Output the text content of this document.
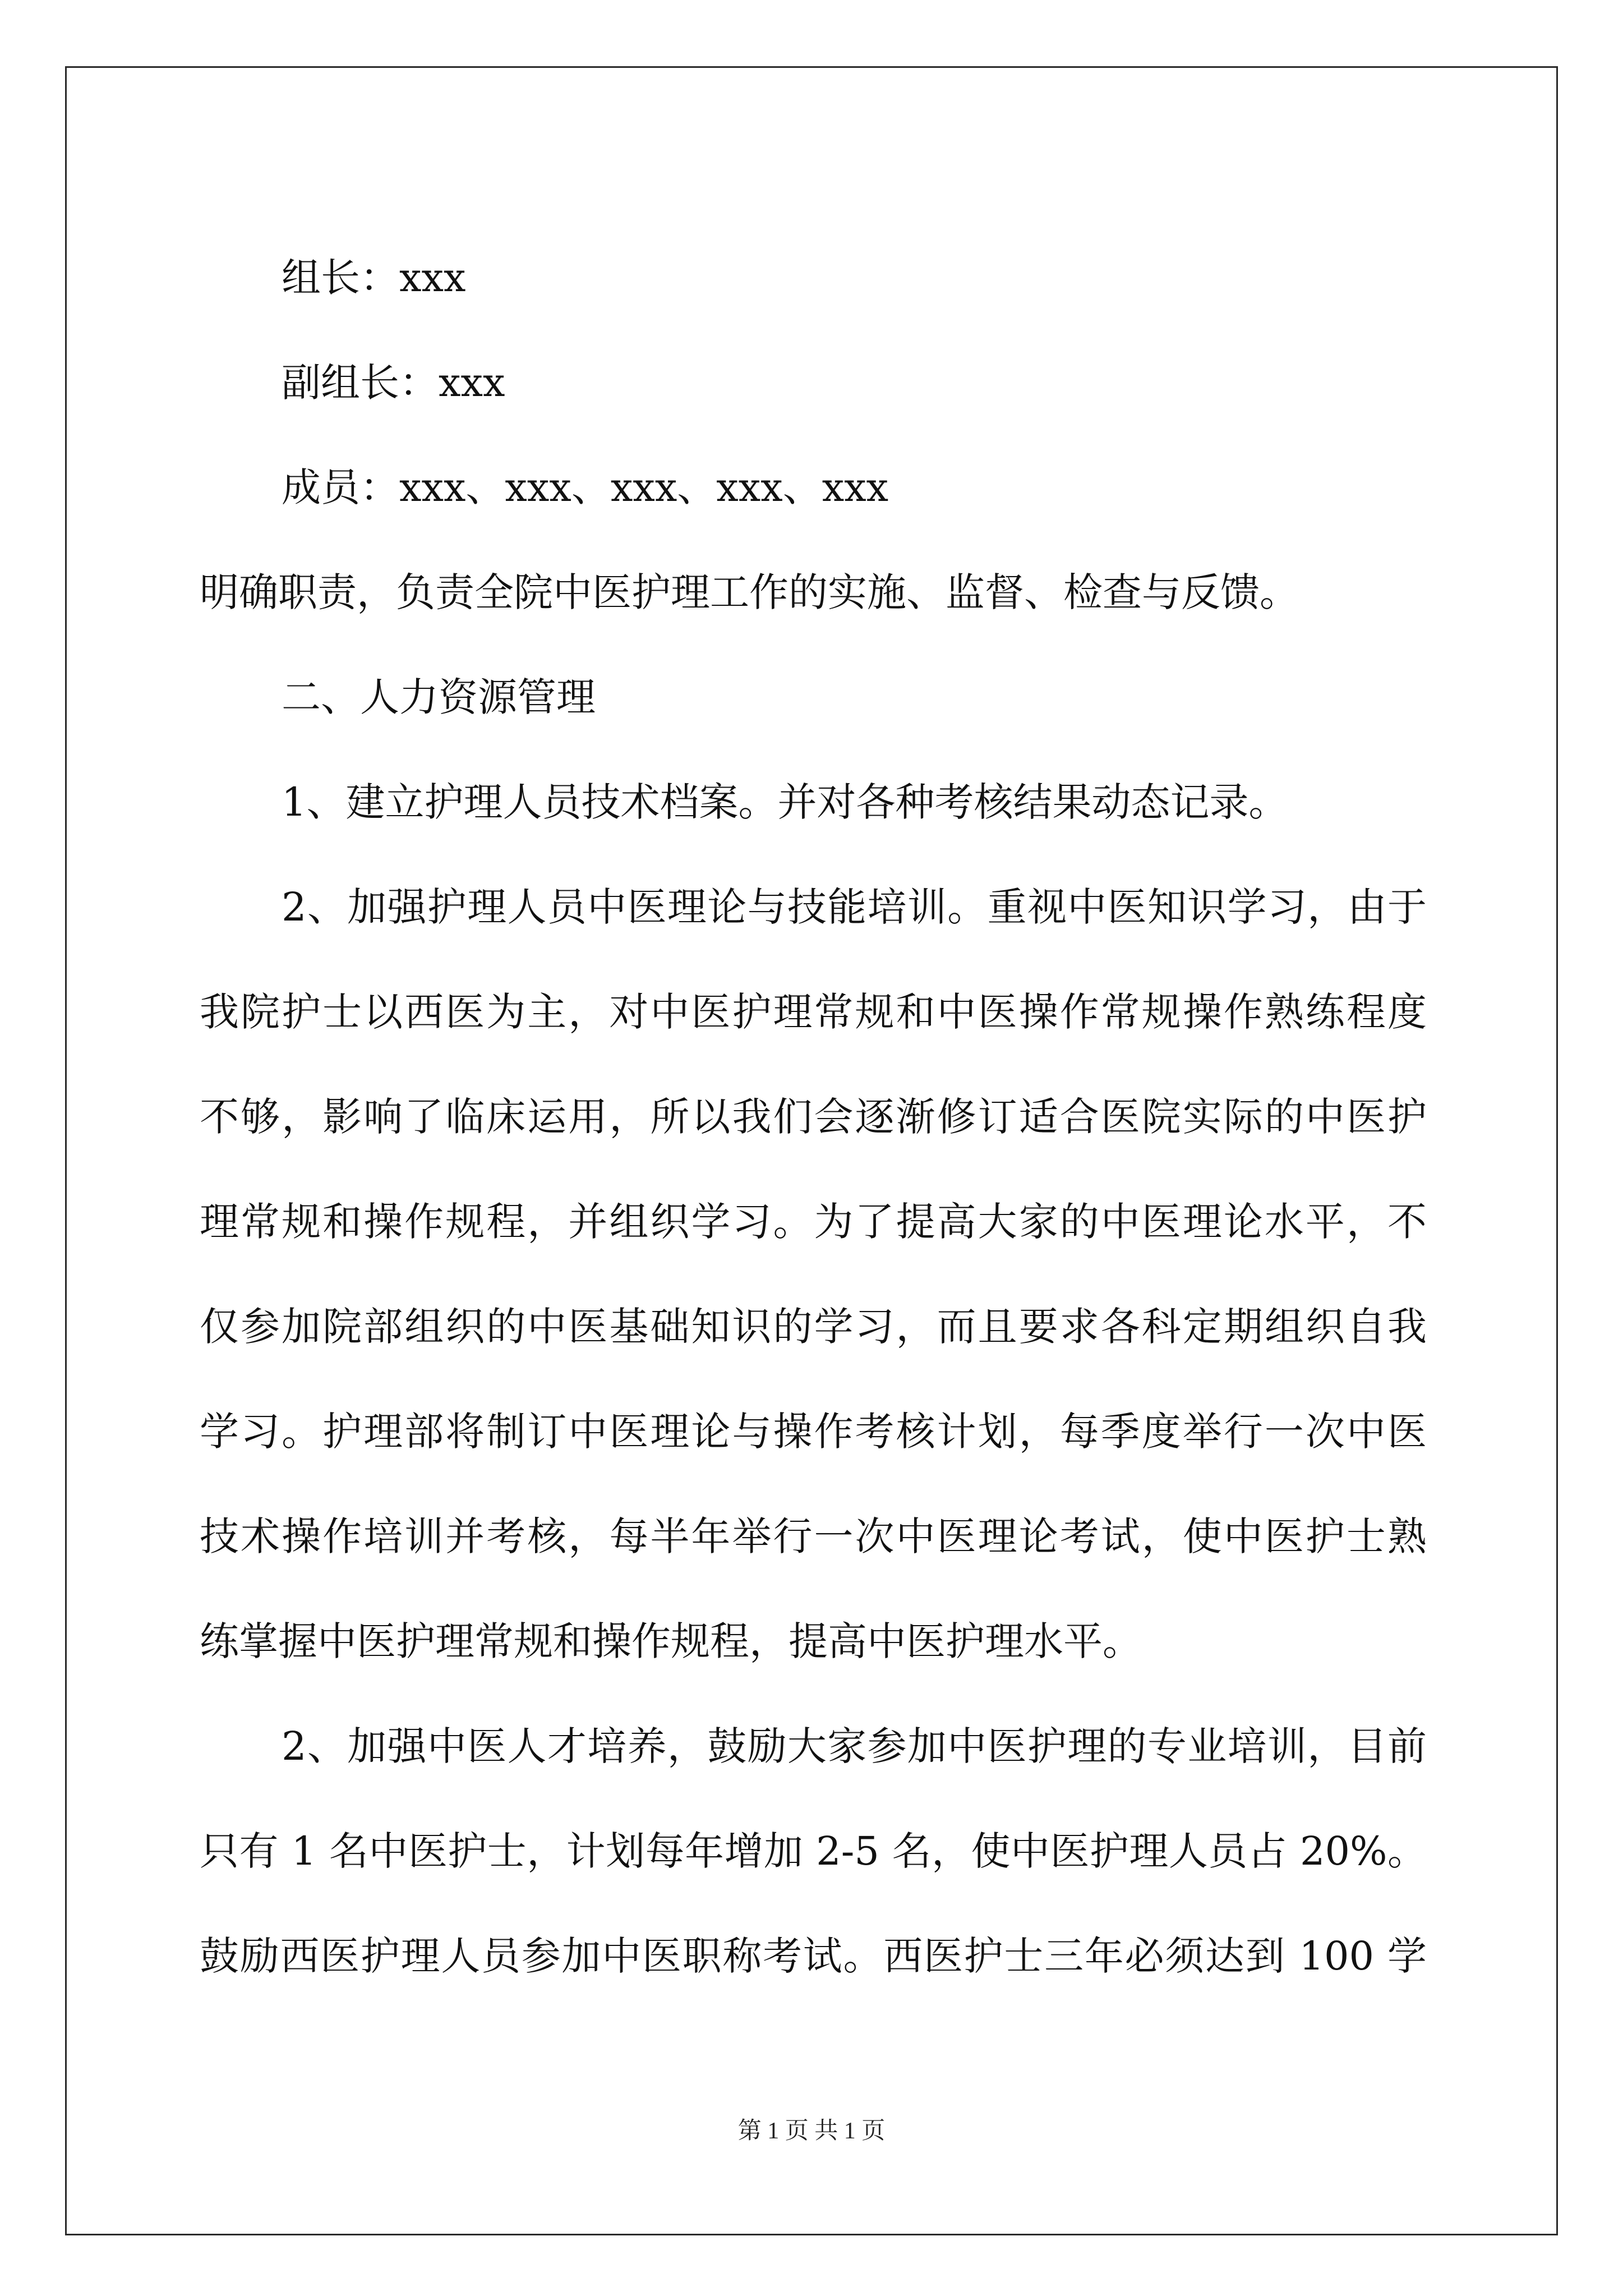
组长：xxx

副组长：xxx

成员：xxx、xxx、xxx、xxx、xxx

明确职责，负责全院中医护理工作的实施、监督、检查与反馈。

二、人力资源管理

1、建立护理人员技术档案。并对各种考核结果动态记录。

2、加强护理人员中医理论与技能培训。重视中医知识学习，由于

我院护士以西医为主，对中医护理常规和中医操作常规操作熟练程度

不够，影响了临床运用，所以我们会逐渐修订适合医院实际的中医护

理常规和操作规程，并组织学习。为了提高大家的中医理论水平，不

仅参加院部组织的中医基础知识的学习，而且要求各科定期组织自我

学习。护理部将制订中医理论与操作考核计划，每季度举行一次中医

技术操作培训并考核，每半年举行一次中医理论考试，使中医护士熟

练掌握中医护理常规和操作规程，提高中医护理水平。

2、加强中医人才培养，鼓励大家参加中医护理的专业培训，目前

只有 1 名中医护士，计划每年增加 2-5 名，使中医护理人员占 20%。

鼓励西医护理人员参加中医职称考试。西医护士三年必须达到 100 学

第 1 页 共 1 页
